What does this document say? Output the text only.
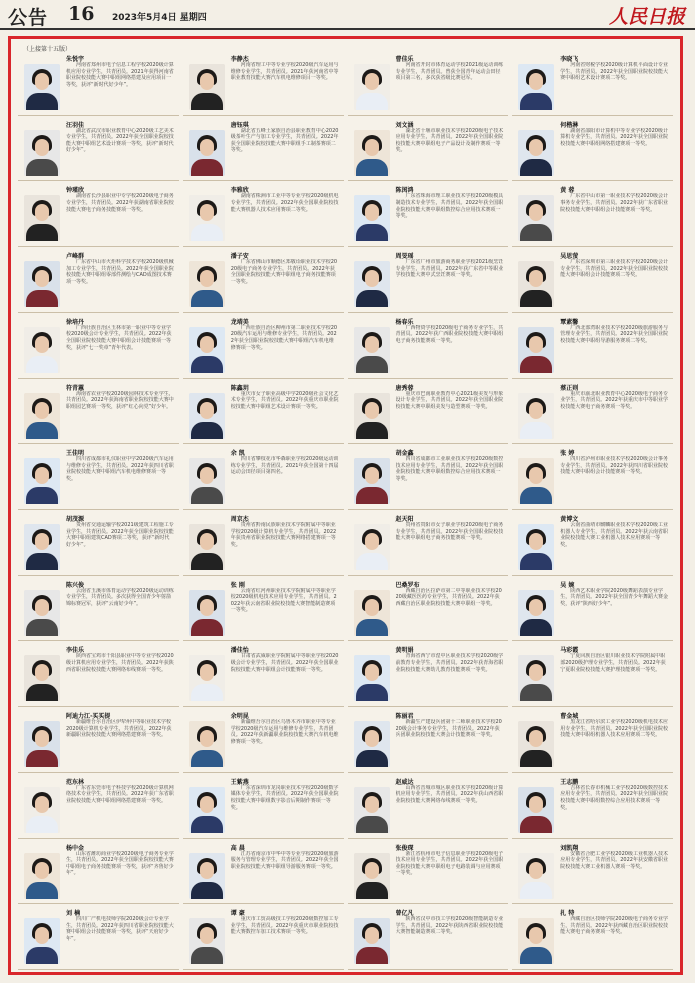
公告 16 2023年5月4日 星期四	人民日报
（上接第十五版）
朱悦宇
河南省郑州市电子信息工程学校2020级计算机应用专业学生，共青团员。2021年获得河南省职业院校技能大赛中职组网络搭建及应用项目一等奖，获评“新时代好少年”。
李静杰
河南省理工中等专业学校2020级汽车运用与维修专业学生，共青团员。2021年获河南省中等职业教育技能大赛汽车机电维修项目一等奖。
曹佳乐
河南省开封市体育运动学校2021级运动训练专业学生，共青团员。曾获全国青年运动会田径项目第三名，多次获省级比赛冠军。
李晓飞
河南省财税学校2020级计算机平面设计专业学生，共青团员。2022年获全国职业院校技能大赛中职组艺术设计赛项二等奖。
汪羽佳
湖北省武汉市职业教育中心2020级工艺美术专业学生，共青团员。2022年获全国职业院校技能大赛中职组艺术设计赛项一等奖，获评“新时代好少年”。
唐钰琪
湖北省五峰土家族自治县职业教育中心2020级茶叶生产与加工专业学生，共青团员。2022年获全国职业院校技能大赛中职组手工制茶赛项二等奖。
刘文涵
湖北省十堰市职业技术学校2020级电子技术应用专业学生，共青团员。2022年获全国职业院校技能大赛中职组电子产品设计及制作赛项一等奖。
何楷淋
湖南省邵阳市计算机中等专业学校2020级计算机专业学生，共青团员。2022年获全国职业院校技能大赛中职组网络搭建赛项一等奖。
钟瑾欣
湖南省长沙县职业中专学校2020级电子商务专业学生，共青团员。2022年获湖南省职业院校技能大赛电子商务技能赛项一等奖。
李雅欣
湖南省株洲市工业中等专业学校2020级机电专业学生，共青团员。2022年获全国职业院校技能大赛机器人技术应用赛项二等奖。
陈闰鸿
广东省珠海市理工职业技术学校2020级模具制造技术专业学生，共青团员。2022年获全国职业院校技能大赛中职组数控综合应用技术赛项一等奖。
黄 蓉
广东省中山市第一职业技术学校2020级会计事务专业学生，共青团员。2022年获广东省职业院校技能大赛中职组会计技能赛项一等奖。
卢峰群
广东省中山市火炬科学技术学校2020级机械加工专业学生，共青团员。2022年获全国职业院校技能大赛中职组零部件测绘与CAD成图技术赛项一等奖。
潘子安
广东省佛山市顺德区郑敬诒职业技术学校2020级电子商务专业学生，共青团员。2022年获全国职业院校技能大赛中职组电子商务技能赛项一等奖。
周旻瑶
广东省广州市旅游商务职业学校2021级烹饪专业学生，共青团员。2022年获广东省中等职业学校技能大赛中式烹饪赛项一等奖。
吴思萤
广东省深圳市第三职业技术学校2020级会计专业学生，共青团员。2022年获全国职业院校技能大赛中职组会计技能赛项二等奖。
徐培丹
广西壮族自治区玉林市第一职业中等专业学校2020级会计专业学生，共青团员。2022年获全国职业院校技能大赛中职组会计技能赛项一等奖，获评“七一奖章”青年代表。
龙靖美
广西壮族自治区柳州市第二职业技术学校2020级汽车运用与维修专业学生，共青团员。2022年获全国职业院校技能大赛中职组汽车机电维修赛项一等奖。
杨春乐
广西物资学校2020级电子商务专业学生，共青团员。2022年获广西职业院校技能大赛中职组电子商务技能赛项一等奖。
覃素馨
广西北部湾职业技术学校2020级旅游服务与管理专业学生，共青团员。2022年获全国职业院校技能大赛中职组导游服务赛项二等奖。
符青蕙
海南省农业学校2020级园林技术专业学生，共青团员。2022年获海南省职业院校技能大赛中职组园艺赛项一等奖，获评“红心向党”好少年。
陈鑫玥
重庆市女子职业高级中学2020级社会文化艺术专业学生，共青团员。2022年获重庆市职业院校技能大赛中职组艺术设计赛项一等奖。
唐秀蓉
重庆市巴南职业教育中心2021级美发与形象设计专业学生，共青团员。2022年获全国职业院校技能大赛中职组美发与造型赛项一等奖。
蔡正则
重庆市渝北职业教育中心2020级电子商务专业学生，共青团员。2022年获重庆市中等职业学校技能大赛电子商务赛项一等奖。
王佳明
四川省成都市礼仪职业中学2020级汽车运用与维修专业学生，共青团员。2022年获四川省职业院校技能大赛中职组汽车机电维修赛项一等奖。
余 凯
四川省攀枝花市华森职业学校2020级运动训练专业学生，共青团员。2021年获全国第十四届运动会田径项目第四名。
胡金鑫
四川省成都市工业职业技术学校2020级数控技术应用专业学生，共青团员。2022年获全国职业院校技能大赛中职组数控综合应用技术赛项一等奖。
张 婷
四川省泸州市职业技术学校2020级会计事务专业学生，共青团员。2022年获四川省职业院校技能大赛中职组会计技能赛项一等奖。
胡茂源
贵州省交通运输学校2021级建筑工程施工专业学生，共青团员。2022年获全国职业院校技能大赛中职组建筑CAD赛项二等奖，获评“新时代好少年”。
周京杰
贵州省黔南民族职业技术学院附属中等职业学校2020级计算机专业学生，共青团员。2022年获贵州省职业院校技能大赛网络搭建赛项一等奖。
赵天阳
贵州省贵阳市女子职业学校2020级电子商务专业学生，共青团员。2022年获全国职业院校技能大赛中职组电子商务技能赛项一等奖。
黄博文
云南省曲靖市麒麟职业技术学校2020级工业机器人专业学生，共青团员。2022年获云南省职业院校技能大赛工业机器人技术应用赛项一等奖。
陈兴俊
云南省玉溪市体育运动学校2020级运动训练专业学生，共青团员。多次获得全国青少年射箭锦标赛冠军，获评“云南好少年”。
张 刚
云南省红河州职业技术学院附属中等职业学校2020级机电技术应用专业学生，共青团员。2022年获云南省职业院校技能大赛智能制造赛项一等奖。
巴桑罗布
西藏自治区拉萨市第二中等职业技术学校2020级藏医医药专业学生，共青团员。2022年获西藏自治区职业院校技能大赛中职组一等奖。
吴 婉
陕西艺术职业学院2020级舞蹈表演专业学生，共青团员。2022年获全国青少年舞蹈大赛金奖，获评“陕西好少年”。
李佳乐
陕西省宝鸡市千阳县职业中等专业学校2020级计算机应用专业学生，共青团员。2022年获陕西省职业院校技能大赛网络布线赛项一等奖。
潘佳怡
甘肃省武威职业学院附属中等职业学校2020级会计专业学生，共青团员。2022年获全国职业院校技能大赛中职组会计技能赛项一等奖。
黄明娟
青海省西宁市湟中区职业技术学校2020级学前教育专业学生，共青团员。2022年获青海省职业院校技能大赛幼儿教育技能赛项一等奖。
马彩霞
宁夏回族自治区银川职业技术学院附属中职部2020级护理专业学生，共青团员。2022年获宁夏职业院校技能大赛护理技能赛项一等奖。
阿迪力江·买买提
新疆维吾尔自治区伊犁州中等职业技术学校2020级计算机专业学生，共青团员。2022年获新疆职业院校技能大赛网络搭建赛项一等奖。
余明昆
新疆维吾尔自治区乌鲁木齐市职业中等专业学校2020级汽车运用与维修专业学生，共青团员。2022年获新疆职业院校技能大赛汽车机电维修赛项一等奖。
陈丽君
新疆生产建设兵团第十二师职业技术学校2020级会计事务专业学生，共青团员。2022年获兵团职业院校技能大赛会计技能赛项一等奖。
曹金城
黑龙江省哈尔滨工业学校2020级机电技术应用专业学生，共青团员。2022年获全国职业院校技能大赛中职组机器人技术应用赛项二等奖。
范东林
广东省东莞市电子科技学校2020级计算机网络技术专业学生，共青团员。2022年获广东省职业院校技能大赛中职组网络搭建赛项一等奖。
王紫燕
广东省深圳市龙岗职业技术学校2020级数字媒体专业学生，共青团员。2022年获全国职业院校技能大赛中职组数字影音后期制作赛项一等奖。
赵威达
山西省晋城市城区职业技术学校2020级计算机应用专业学生，共青团员。2022年获山西省职业院校技能大赛网络布线赛项一等奖。
王志鹏
吉林省长春市机械工业学校2020级数控技术应用专业学生，共青团员。2022年获全国职业院校技能大赛中职组数控综合应用技术赛项一等奖。
杨中金
山东省潍坊商业学校2020级电子商务专业学生，共青团员。2022年获全国职业院校技能大赛中职组电子商务技能赛项一等奖，获评“齐鲁好少年”。
高 晨
江苏省南京市中华中等专业学校2020级旅游服务与管理专业学生，共青团员。2022年获全国职业院校技能大赛中职组导游服务赛项一等奖。
张俊琛
浙江省杭州市电子信息职业学校2020级电子技术应用专业学生，共青团员。2022年获全国职业院校技能大赛中职组电子电路装调与应用赛项一等奖。
刘凯翔
安徽省合肥工业学校2020级工业机器人技术应用专业学生，共青团员。2022年获安徽省职业院校技能大赛工业机器人赛项一等奖。
刘 楠
四川广产机电技师学院2020级会计专业学生，共青团员。2022年获四川省职业院校技能大赛中职组会计技能赛项一等奖，获评“天府好少年”。
谭 豪
重庆市工贸高级技工学校2020级数控加工专业学生，共青团员。2022年获重庆市职业院校技能大赛数控车加工技术赛项一等奖。
曾亿凡
陕西省汉中市技工学校2020级智能制造专业学生，共青团员。2022年获陕西省职业院校技能大赛智能制造赛项二等奖。
扎 特
西藏自治区技师学院2020级电子商务专业学生，共青团员。2022年获西藏自治区职业院校技能大赛电子商务赛项一等奖。
